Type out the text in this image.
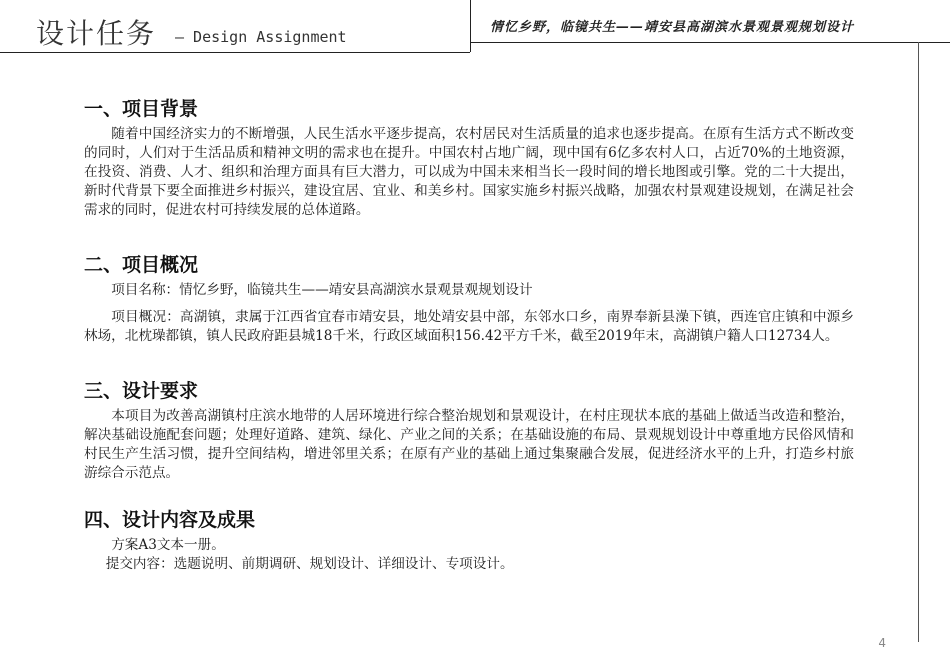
设计任务 — Design Assignment
情忆乡野，临镜共生——靖安县高湖滨水景观景观规划设计
一、项目背景

随着中国经济实力的不断增强，人民生活水平逐步提高，农村居民对生活质量的追求也逐步提高。在原有生活方式不断改变的同时，人们对于生活品质和精神文明的需求也在提升。中国农村占地广阔，现中国有6亿多农村人口，占近70%的土地资源，在投资、消费、人才、组织和治理方面具有巨大潜力，可以成为中国未来相当长一段时间的增长地图或引擎。党的二十大提出，新时代背景下要全面推进乡村振兴，建设宜居、宜业、和美乡村。国家实施乡村振兴战略，加强农村景观建设规划，在满足社会需求的同时，促进农村可持续发展的总体道路。

二、项目概况

项目名称：情忆乡野，临镜共生——靖安县高湖滨水景观景观规划设计

项目概况：高湖镇，隶属于江西省宜春市靖安县，地处靖安县中部，东邻水口乡，南界奉新县澡下镇，西连官庄镇和中源乡林场，北枕璪都镇，镇人民政府距县城18千米，行政区域面积156.42平方千米，截至2019年末，高湖镇户籍人口12734人。

三、设计要求

本项目为改善高湖镇村庄滨水地带的人居环境进行综合整治规划和景观设计，在村庄现状本底的基础上做适当改造和整治，解决基础设施配套问题；处理好道路、建筑、绿化、产业之间的关系；在基础设施的布局、景观规划设计中尊重地方民俗风情和村民生产生活习惯，提升空间结构，增进邻里关系；在原有产业的基础上通过集聚融合发展，促进经济水平的上升，打造乡村旅游综合示范点。

四、设计内容及成果

方案A3文本一册。

提交内容：选题说明、前期调研、规划设计、详细设计、专项设计。

4
